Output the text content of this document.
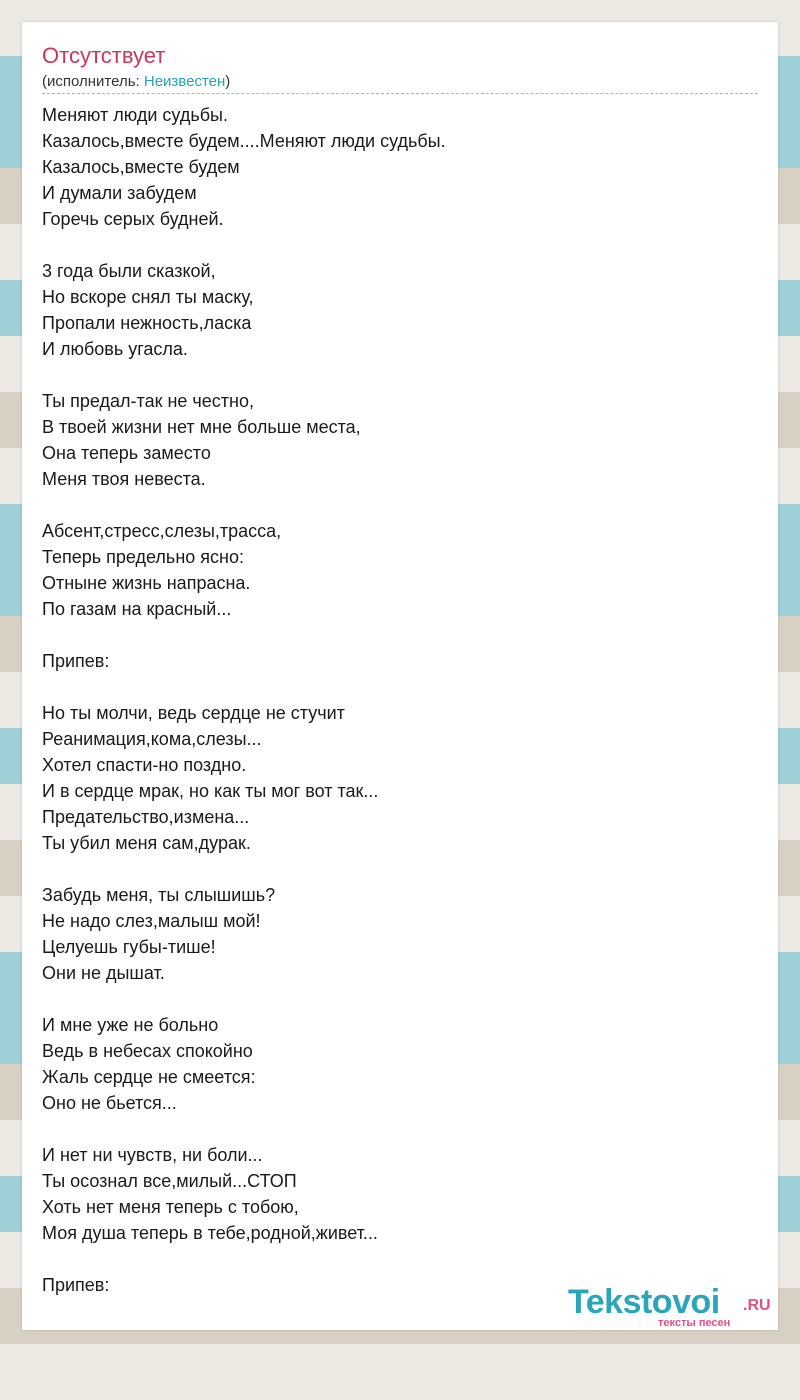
Отсутствует
(исполнитель: Неизвестен)
Меняют люди судьбы.
Казалось,вместе будем....Меняют люди судьбы.
Казалось,вместе будем
И думали забудем
Горечь серых будней.
3 года были сказкой,
Но вскоре снял ты маску,
Пропали нежность,ласка
И любовь угасла.
Ты предал-так не честно,
В твоей жизни нет мне больше места,
Она теперь заместо
Меня твоя невеста.
Абсент,стресс,слезы,трасса,
Теперь предельно ясно:
Отныне жизнь напрасна.
По газам на красный...
Припев:
Но ты молчи, ведь сердце не стучит
Реанимация,кома,слезы...
Хотел спасти-но поздно.
И в сердце мрак, но как ты мог вот так...
Предательство,измена...
Ты убил меня сам,дурак.
Забудь меня, ты слышишь?
Не надо слез,малыш мой!
Целуешь губы-тише!
Они не дышат.
И мне уже не больно
Ведь в небесах спокойно
Жаль сердце не смеется:
Оно не бьется...
И нет ни чувств, ни боли...
Ты осознал все,милый...СТОП
Хоть нет меня теперь с тобою,
Моя душа теперь в тебе,родной,живет...
Припев:	Tekstovoi .RU
тексты песен
